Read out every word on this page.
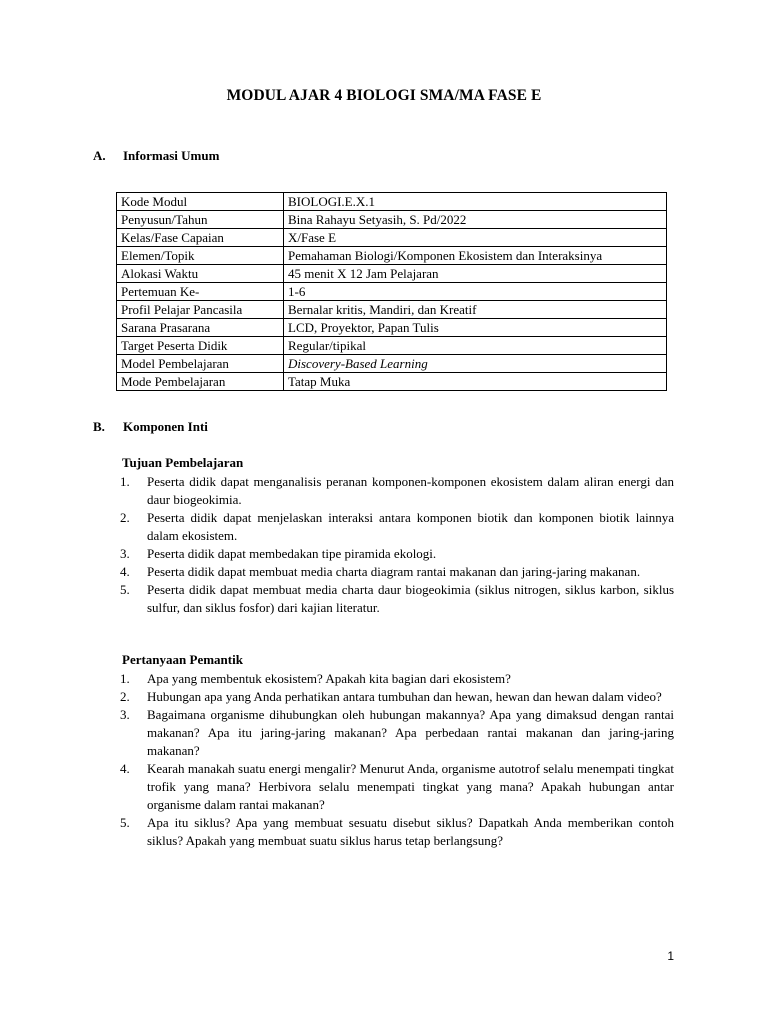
MODUL AJAR 4 BIOLOGI SMA/MA FASE E

A. Informasi Umum

Kode Modul	BIOLOGI.E.X.1
Penyusun/Tahun	Bina Rahayu Setyasih, S. Pd/2022
Kelas/Fase Capaian	X/Fase E
Elemen/Topik	Pemahaman Biologi/Komponen Ekosistem dan Interaksinya
Alokasi Waktu	45 menit X 12 Jam Pelajaran
Pertemuan Ke-	1-6
Profil Pelajar Pancasila	Bernalar kritis, Mandiri, dan Kreatif
Sarana Prasarana	LCD, Proyektor, Papan Tulis
Target Peserta Didik	Regular/tipikal
Model Pembelajaran	Discovery-Based Learning
Mode Pembelajaran	Tatap Muka

B. Komponen Inti

Tujuan Pembelajaran

1.	Peserta didik dapat menganalisis peranan komponen-komponen ekosistem dalam aliran energi dan daur biogeokimia.
2.	Peserta didik dapat menjelaskan interaksi antara komponen biotik dan komponen biotik lainnya dalam ekosistem.
3.	Peserta didik dapat membedakan tipe piramida ekologi.
4.	Peserta didik dapat membuat media charta diagram rantai makanan dan jaring-jaring makanan.
5.	Peserta didik dapat membuat media charta daur biogeokimia (siklus nitrogen, siklus karbon, siklus sulfur, dan siklus fosfor) dari kajian literatur.

Pertanyaan Pemantik

1.	Apa yang membentuk ekosistem? Apakah kita bagian dari ekosistem?
2.	Hubungan apa yang Anda perhatikan antara tumbuhan dan hewan, hewan dan hewan dalam video?
3.	Bagaimana organisme dihubungkan oleh hubungan makannya? Apa yang dimaksud dengan rantai makanan? Apa itu jaring-jaring makanan? Apa perbedaan rantai makanan dan jaring-jaring makanan?
4.	Kearah manakah suatu energi mengalir? Menurut Anda, organisme autotrof selalu menempati tingkat trofik yang mana? Herbivora selalu menempati tingkat yang mana? Apakah hubungan antar organisme dalam rantai makanan?
5.	Apa itu siklus? Apa yang membuat sesuatu disebut siklus? Dapatkah Anda memberikan contoh siklus? Apakah yang membuat suatu siklus harus tetap berlangsung?
1
